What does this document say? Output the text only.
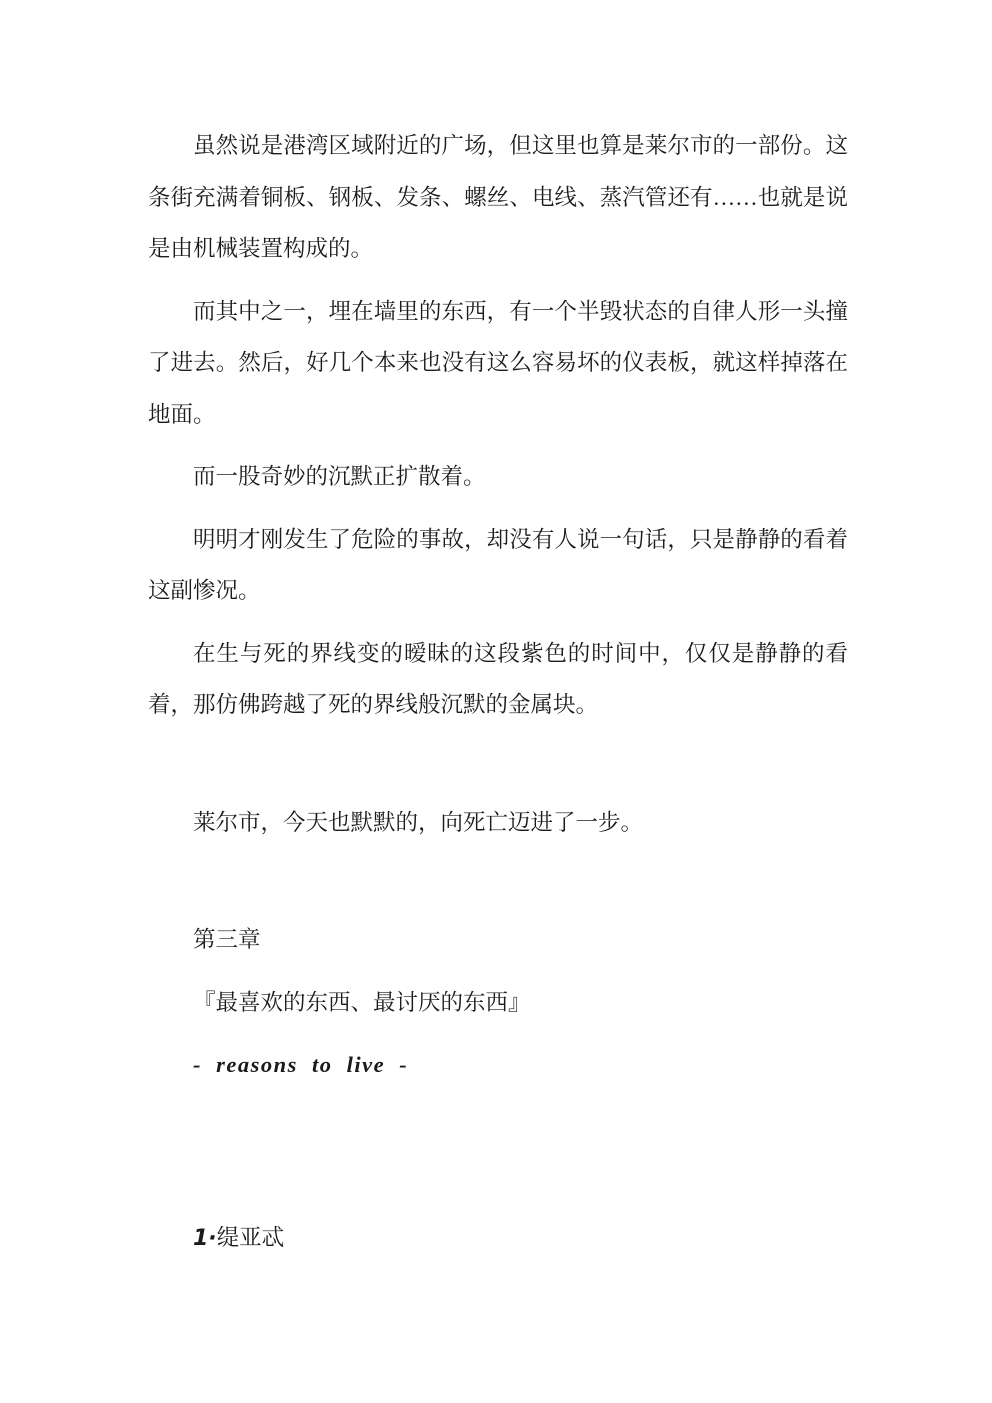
虽然说是港湾区域附近的广场，但这里也算是莱尔市的一部份。这条街充满着铜板、钢板、发条、螺丝、电线、蒸汽管还有……也就是说是由机械装置构成的。

而其中之一，埋在墙里的东西，有一个半毁状态的自律人形一头撞了进去。然后，好几个本来也没有这么容易坏的仪表板，就这样掉落在地面。

而一股奇妙的沉默正扩散着。

明明才刚发生了危险的事故，却没有人说一句话，只是静静的看着这副惨况。

在生与死的界线变的暧昧的这段紫色的时间中，仅仅是静静的看着，那仿佛跨越了死的界线般沉默的金属块。

莱尔市，今天也默默的，向死亡迈进了一步。

第三章

『最喜欢的东西、最讨厌的东西』

- reasons to live -

1·缇亚忒
